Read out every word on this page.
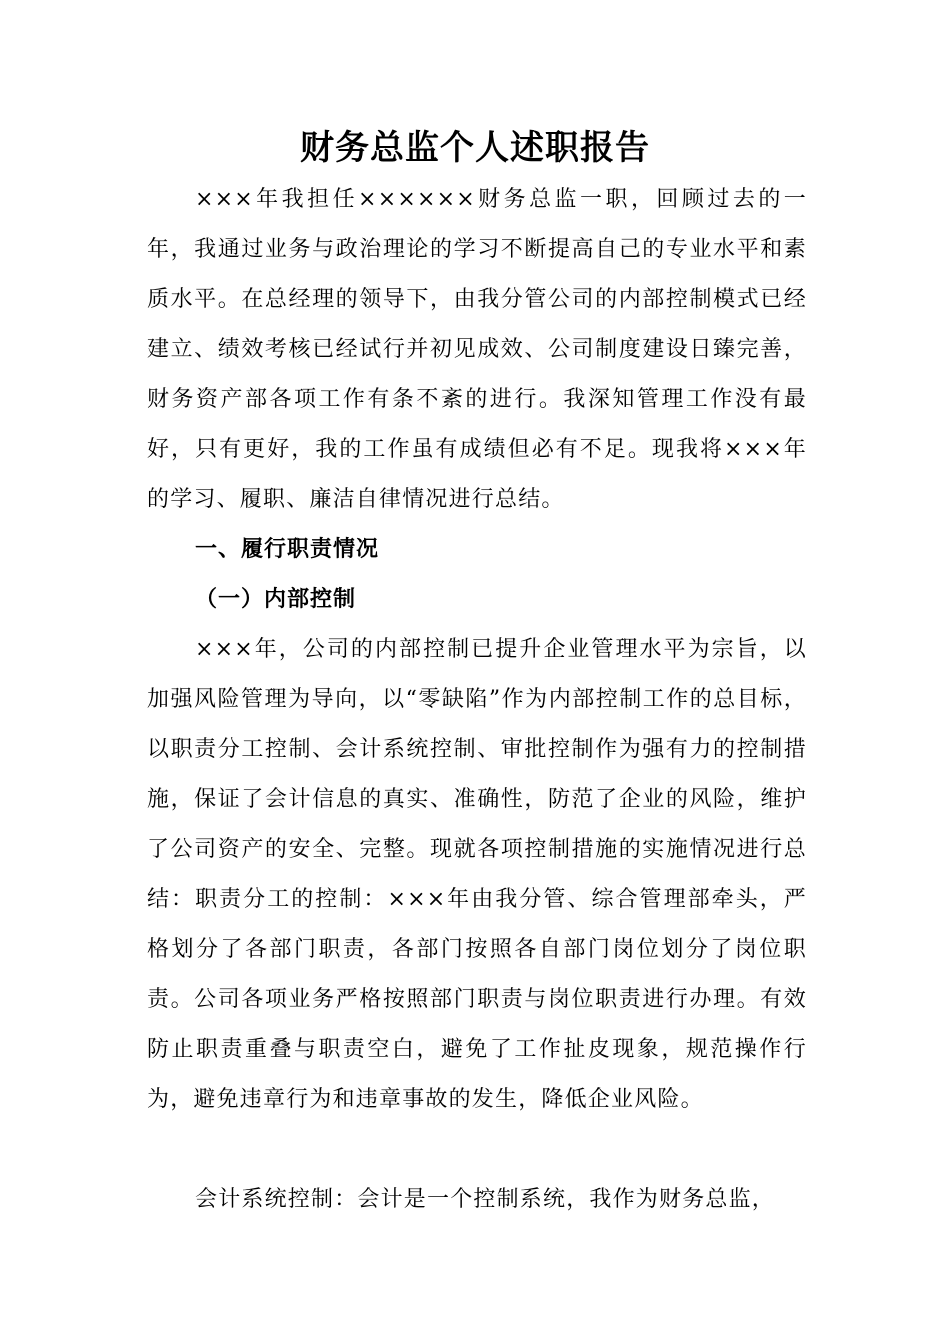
财务总监个人述职报告

×××年我担任××××××财务总监一职，回顾过去的一年，我通过业务与政治理论的学习不断提高自己的专业水平和素质水平。在总经理的领导下，由我分管公司的内部控制模式已经建立、绩效考核已经试行并初见成效、公司制度建设日臻完善，财务资产部各项工作有条不紊的进行。我深知管理工作没有最好，只有更好，我的工作虽有成绩但必有不足。现我将×××年的学习、履职、廉洁自律情况进行总结。

一、履行职责情况

（一）内部控制

×××年，公司的内部控制已提升企业管理水平为宗旨，以加强风险管理为导向，以“零缺陷”作为内部控制工作的总目标，以职责分工控制、会计系统控制、审批控制作为强有力的控制措施，保证了会计信息的真实、准确性，防范了企业的风险，维护了公司资产的安全、完整。现就各项控制措施的实施情况进行总结：职责分工的控制：×××年由我分管、综合管理部牵头，严格划分了各部门职责，各部门按照各自部门岗位划分了岗位职责。公司各项业务严格按照部门职责与岗位职责进行办理。有效防止职责重叠与职责空白，避免了工作扯皮现象，规范操作行为，避免违章行为和违章事故的发生，降低企业风险。

会计系统控制：会计是一个控制系统，我作为财务总监，
